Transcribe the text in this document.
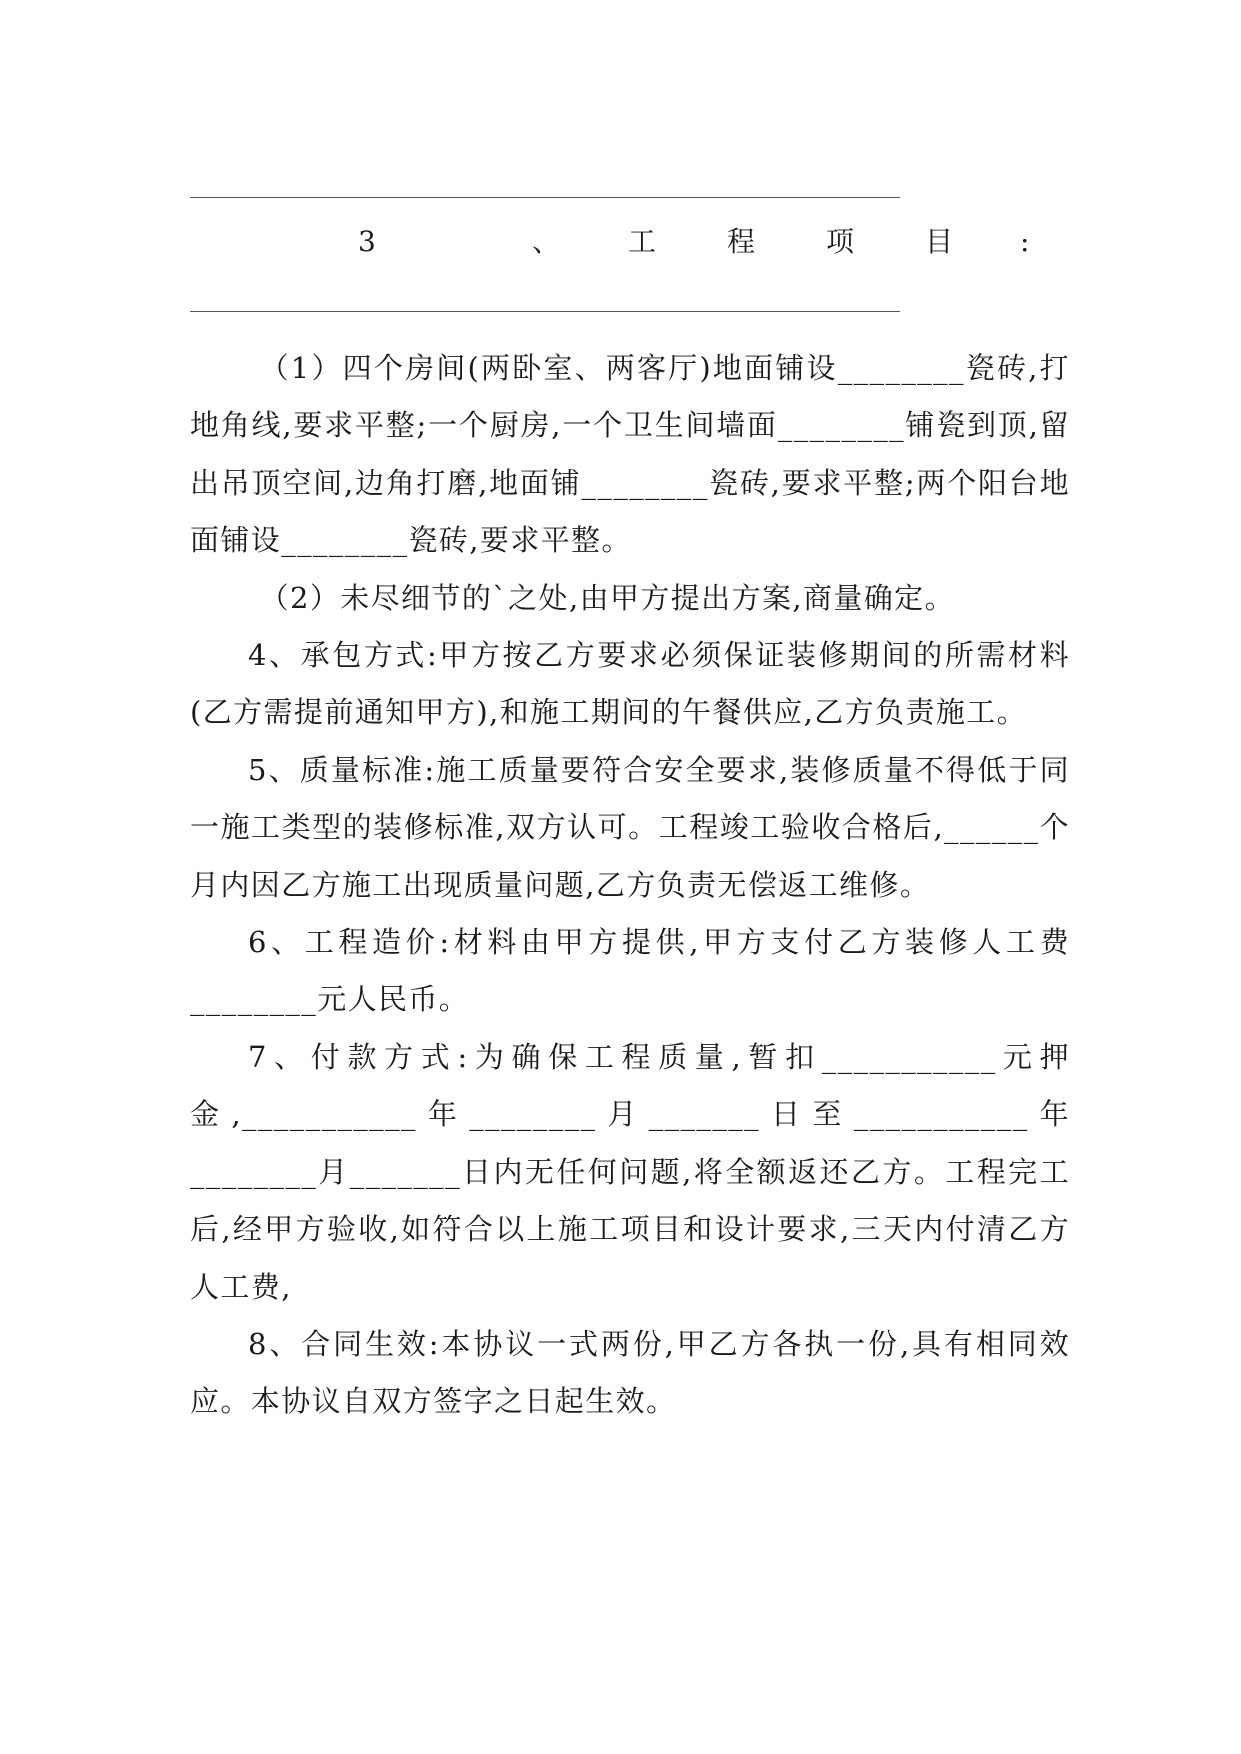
3	、 工	程	项	目 :

（1）四个房间(两卧室、两客厅)地面铺设________瓷砖,打地角线,要求平整;一个厨房,一个卫生间墙面________铺瓷到顶,留出吊顶空间,边角打磨,地面铺________瓷砖,要求平整;两个阳台地面铺设________瓷砖,要求平整。

（2）未尽细节的`之处,由甲方提出方案,商量确定。

4、承包方式:甲方按乙方要求必须保证装修期间的所需材料(乙方需提前通知甲方),和施工期间的午餐供应,乙方负责施工。

5、质量标准:施工质量要符合安全要求,装修质量不得低于同一施工类型的装修标准,双方认可。工程竣工验收合格后,______个月内因乙方施工出现质量问题,乙方负责无偿返工维修。

6、工程造价:材料由甲方提供,甲方支付乙方装修人工费________元人民币。

7、付款方式:为确保工程质量,暂扣___________元押金,___________年________月_______日至___________年________月_______日内无任何问题,将全额返还乙方。工程完工后,经甲方验收,如符合以上施工项目和设计要求,三天内付清乙方人工费,

8、合同生效:本协议一式两份,甲乙方各执一份,具有相同效应。本协议自双方签字之日起生效。
